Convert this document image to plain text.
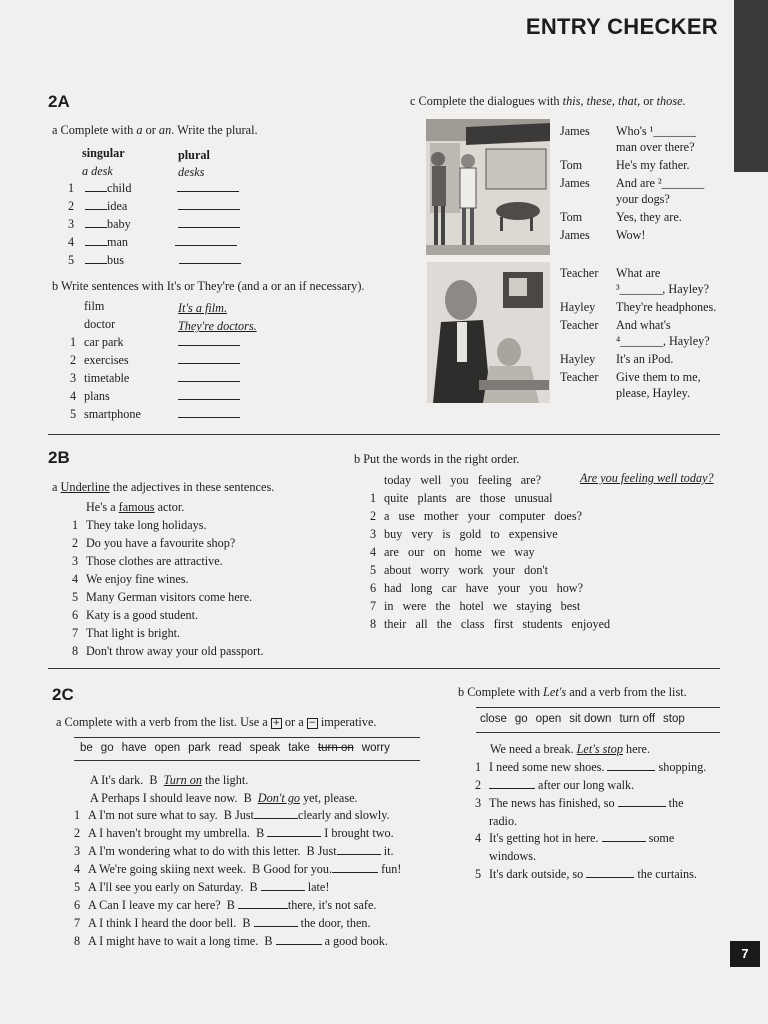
ENTRY CHECKER
2A
a Complete with a or an. Write the plural.
singular	plural
a desk	desks
1	child
2	idea
3	baby
4	man
5	bus
b Write sentences with It's or They're (and a or an if necessary).
film	It's a film.
doctor	They're doctors.
1 car park
2 exercises
3 timetable
4 plans
5 smartphone
c Complete the dialogues with this, these, that, or those.
James Who's ¹_______
man over there?
Tom	He's my father.
James And are ²_______
your dogs?
Tom	Yes, they are.
James Wow!
Teacher What are
³_______, Hayley?
Hayley They're headphones.
Teacher And what's
⁴_______, Hayley?
Hayley It's an iPod.
Teacher Give them to me,
please, Hayley.
2B
a Underline the adjectives in these sentences.
He's a famous actor.
1 They take long holidays.
2 Do you have a favourite shop?
3 Those clothes are attractive.
4 We enjoy fine wines.
5 Many German visitors come here.
6 Katy is a good student.
7 That light is bright.
8 Don't throw away your old passport.
b Put the words in the right order.
today   well   you   feeling   are?	Are you feeling well today?
1 quite   plants   are   those   unusual
2 a   use   mother   your   computer   does?
3 buy   very   is   gold   to   expensive
4 are   our   on   home   we   way
5 about   worry   work   your   don't
6 had   long   car   have   your   you   how?
7 in   were   the   hotel   we   staying   best
8 their   all   the   class   first   students   enjoyed
2C
a Complete with a verb from the list. Use a + or a − imperative.
be go have open park read speak take turn on worry
A It's dark. B Turn on the light.
A Perhaps I should leave now. B Don't go yet, please.
1 A I'm not sure what to say. B Just	clearly and slowly.
2 A I haven't brought my umbrella. B	I brought two.
3 A I'm wondering what to do with this letter. B Just	it.
4 A We're going skiing next week. B Good for you.	fun!
5 A I'll see you early on Saturday. B	late!
6 A Can I leave my car here? B	there, it's not safe.
7 A I think I heard the door bell. B	the door, then.
8 A I might have to wait a long time. B	a good book.
b Complete with Let's and a verb from the list.
close go open sit down turn off stop
We need a break. Let's stop here.
1 I need some new shoes.	shopping.
2	after our long walk.
3 The news has finished, so	the
radio.
4 It's getting hot in here.	some
windows.
5 It's dark outside, so	the curtains.
7
